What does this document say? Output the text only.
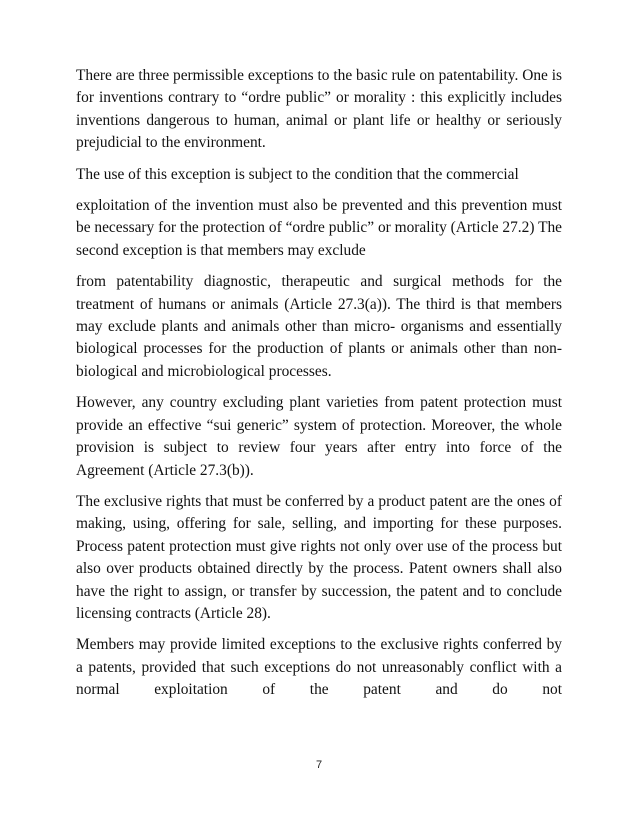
There are three permissible exceptions to the basic rule on patentability. One is for inventions contrary to “ordre public” or morality : this explicitly includes inventions dangerous to human, animal or plant life or healthy or seriously prejudicial to the environment.

The use of this exception is subject to the condition that the commercial

exploitation of the invention must also be prevented and this prevention must be necessary for the protection of “ordre public” or morality (Article 27.2) The second exception is that members may exclude

from patentability diagnostic, therapeutic and surgical methods for the treatment of humans or animals (Article 27.3(a)). The third is that members may exclude plants and animals other than micro- organisms and essentially biological processes for the production of plants or animals other than non-biological and microbiological processes.

However, any country excluding plant varieties from patent protection must provide an effective “sui generic” system of protection. Moreover, the whole provision is subject to review four years after entry into force of the Agreement (Article 27.3(b)).

The exclusive rights that must be conferred by a product patent are the ones of making, using, offering for sale, selling, and importing for these purposes. Process patent protection must give rights not only over use of the process but also over products obtained directly by the process. Patent owners shall also have the right to assign, or transfer by succession, the patent and to conclude licensing contracts (Article 28).

Members may provide limited exceptions to the exclusive rights conferred by a patents, provided that such exceptions do not unreasonably conflict with a normal exploitation of the patent and do not

7
